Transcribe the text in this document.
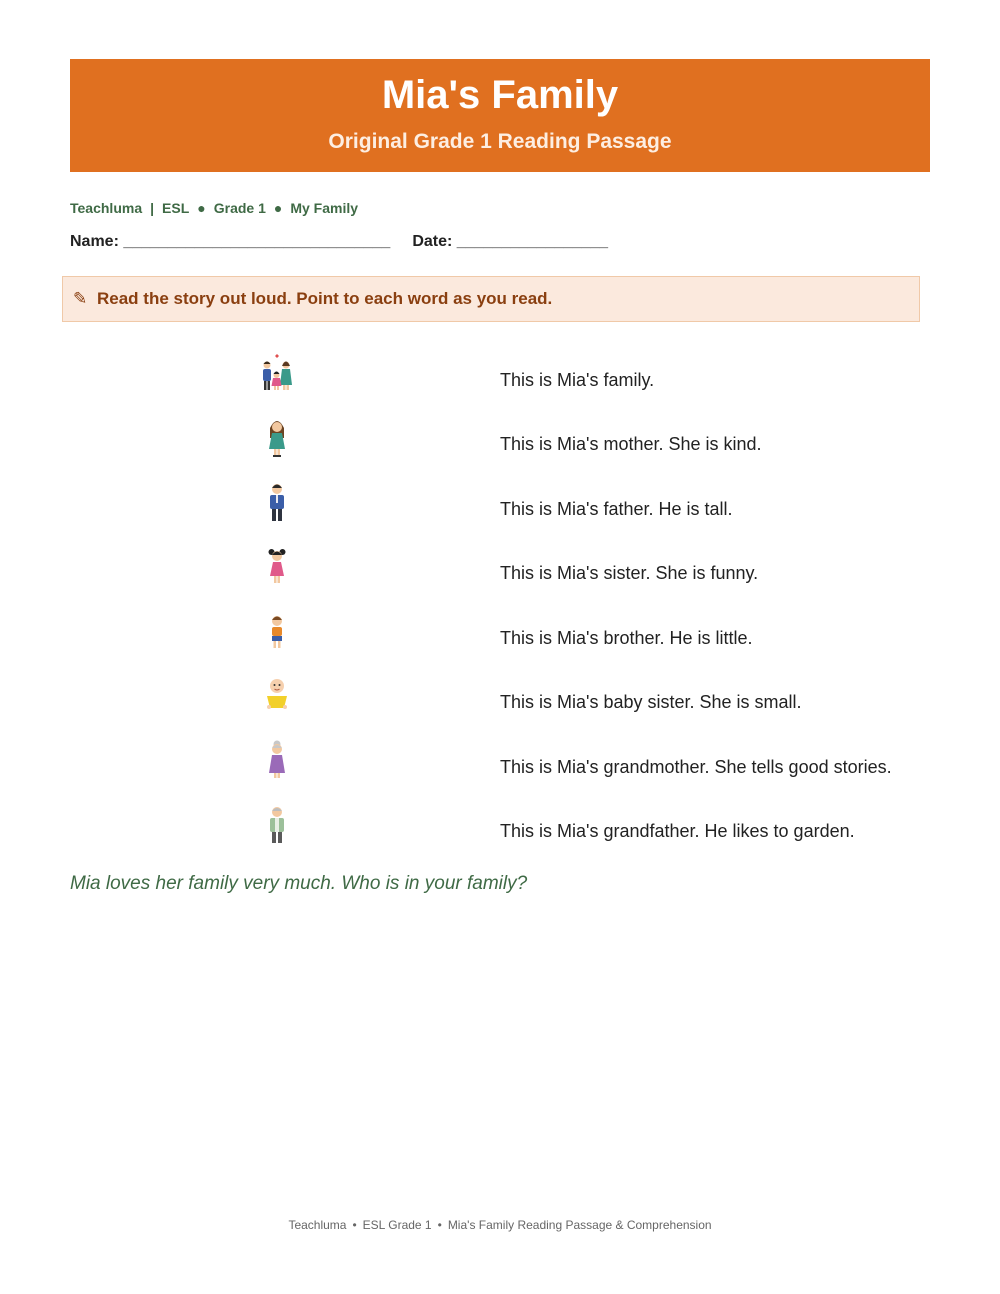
Mia's Family
Original Grade 1 Reading Passage
Teachluma | ESL ● Grade 1 ● My Family
Name: ______________________________ Date: _________________
✎ Read the story out loud. Point to each word as you read.
This is Mia's family.
This is Mia's mother. She is kind.
This is Mia's father. He is tall.
This is Mia's sister. She is funny.
This is Mia's brother. He is little.
This is Mia's baby sister. She is small.
This is Mia's grandmother. She tells good stories.
This is Mia's grandfather. He likes to garden.
Mia loves her family very much. Who is in your family?
Teachluma • ESL Grade 1 • Mia's Family Reading Passage & Comprehension
